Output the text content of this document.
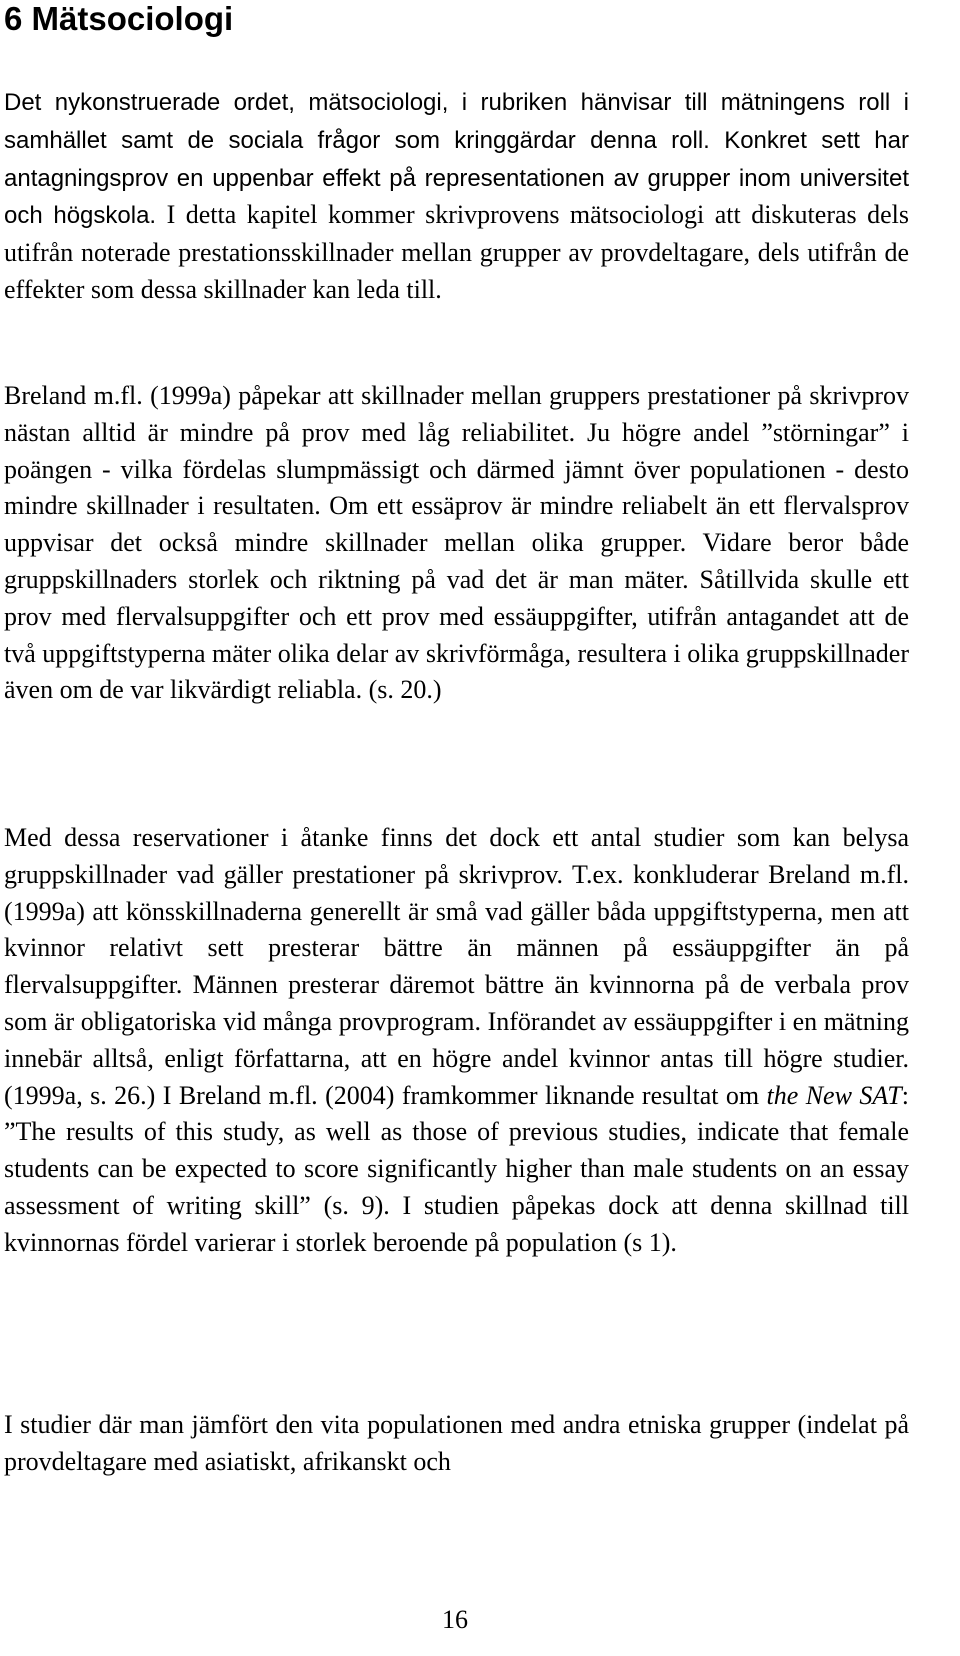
6 Mätsociologi

Det nykonstruerade ordet, mätsociologi, i rubriken hänvisar till mätningens roll i samhället samt de sociala frågor som kringgärdar denna roll. Konkret sett har antagningsprov en uppenbar effekt på representationen av grupper inom universitet och högskola. I detta kapitel kommer skrivprovens mätsociologi att diskuteras dels utifrån noterade prestationsskillnader mellan grupper av provdeltagare, dels utifrån de effekter som dessa skillnader kan leda till.

Breland m.fl. (1999a) påpekar att skillnader mellan gruppers prestationer på skrivprov nästan alltid är mindre på prov med låg reliabilitet. Ju högre andel ”störningar” i poängen - vilka fördelas slumpmässigt och därmed jämnt över populationen - desto mindre skillnader i resultaten. Om ett essäprov är mindre reliabelt än ett flervalsprov uppvisar det också mindre skillnader mellan olika grupper. Vidare beror både gruppskillnaders storlek och riktning på vad det är man mäter. Såtillvida skulle ett prov med flervalsuppgifter och ett prov med essäuppgifter, utifrån antagandet att de två uppgiftstyperna mäter olika delar av skrivförmåga, resultera i olika gruppskillnader även om de var likvärdigt reliabla. (s. 20.)

Med dessa reservationer i åtanke finns det dock ett antal studier som kan belysa gruppskillnader vad gäller prestationer på skrivprov. T.ex. konkluderar Breland m.fl. (1999a) att könsskillnaderna generellt är små vad gäller båda uppgiftstyperna, men att kvinnor relativt sett presterar bättre än männen på essäuppgifter än på flervalsuppgifter. Männen presterar däremot bättre än kvinnorna på de verbala prov som är obligatoriska vid många provprogram. Införandet av essäuppgifter i en mätning innebär alltså, enligt författarna, att en högre andel kvinnor antas till högre studier. (1999a, s. 26.) I Breland m.fl. (2004) framkommer liknande resultat om the New SAT: ”The results of this study, as well as those of previous studies, indicate that female students can be expected to score significantly higher than male students on an essay assessment of writing skill” (s. 9). I studien påpekas dock att denna skillnad till kvinnornas fördel varierar i storlek beroende på population (s 1).

I studier där man jämfört den vita populationen med andra etniska grupper (indelat på provdeltagare med asiatiskt, afrikanskt och

16
